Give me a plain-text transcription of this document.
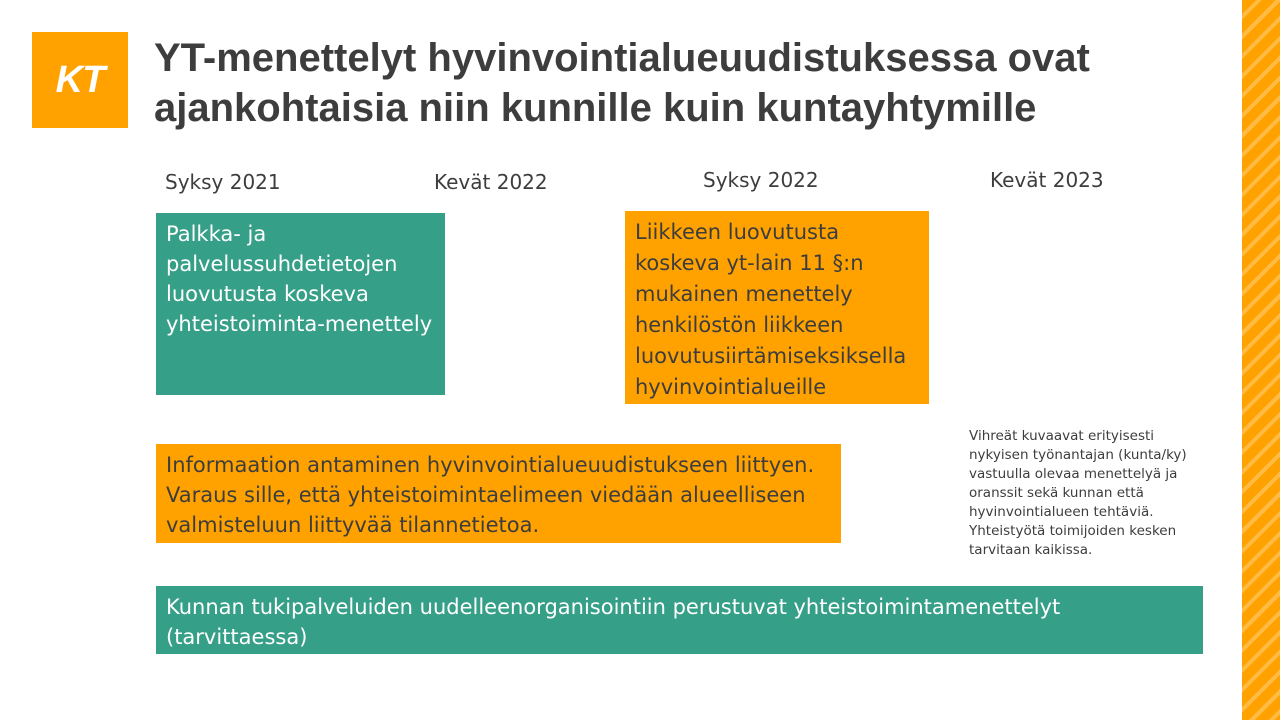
KT YT-menettelyt hyvinvointialueuudistuksessa ovat ajankohtaisia niin kunnille kuin kuntayhtymille
Syksy 2021	Kevät 2022	Syksy 2022	Kevät 2023
Palkka- ja palvelussuhdetietojen luovutusta koskeva yhteistoiminta-menettely
Liikkeen luovutusta koskeva yt-lain 11 §:n mukainen menettely henkilöstön liikkeen luovutusiirtämiseksiksella hyvinvointialueille
Informaation antaminen hyvinvointialueuudistukseen liittyen. Varaus sille, että yhteistoimintaelimeen viedään alueelliseen valmisteluun liittyvää tilannetietoa.
Vihreät kuvaavat erityisesti nykyisen työnantajan (kunta/ky) vastuulla olevaa menettelyä ja oranssit sekä kunnan että hyvinvointialueen tehtäviä. Yhteistyötä toimijoiden kesken tarvitaan kaikissa.
Kunnan tukipalveluiden uudelleenorganisointiin perustuvat yhteistoimintamenettelyt (tarvittaessa)
